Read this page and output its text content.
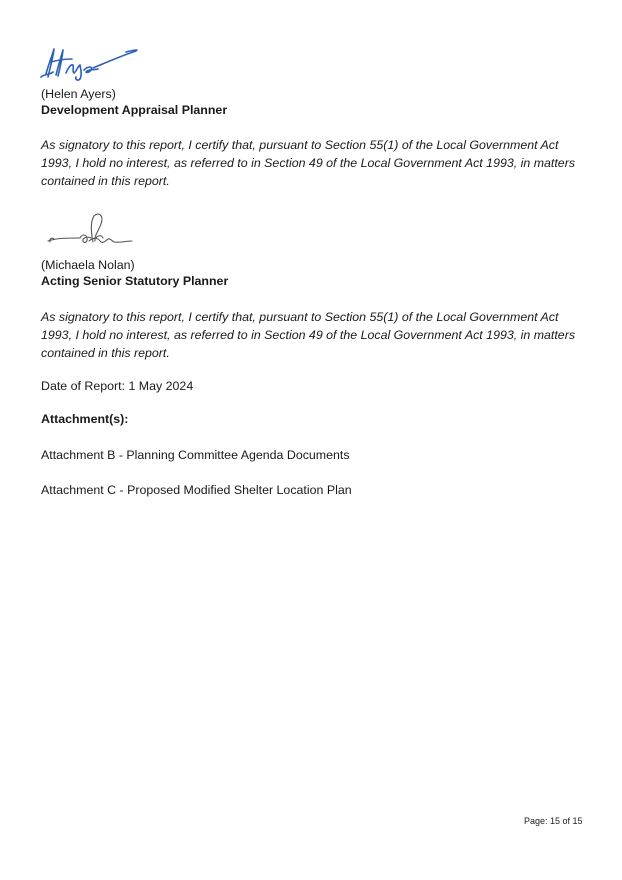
(Helen Ayers)
Development Appraisal Planner
As signatory to this report, I certify that, pursuant to Section 55(1) of the Local Government Act 1993, I hold no interest, as referred to in Section 49 of the Local Government Act 1993, in matters contained in this report.
(Michaela Nolan)
Acting Senior Statutory Planner
As signatory to this report, I certify that, pursuant to Section 55(1) of the Local Government Act 1993, I hold no interest, as referred to in Section 49 of the Local Government Act 1993, in matters contained in this report.
Date of Report: 1 May 2024
Attachment(s):
Attachment B - Planning Committee Agenda Documents
Attachment C - Proposed Modified Shelter Location Plan
Page: 15 of 15
